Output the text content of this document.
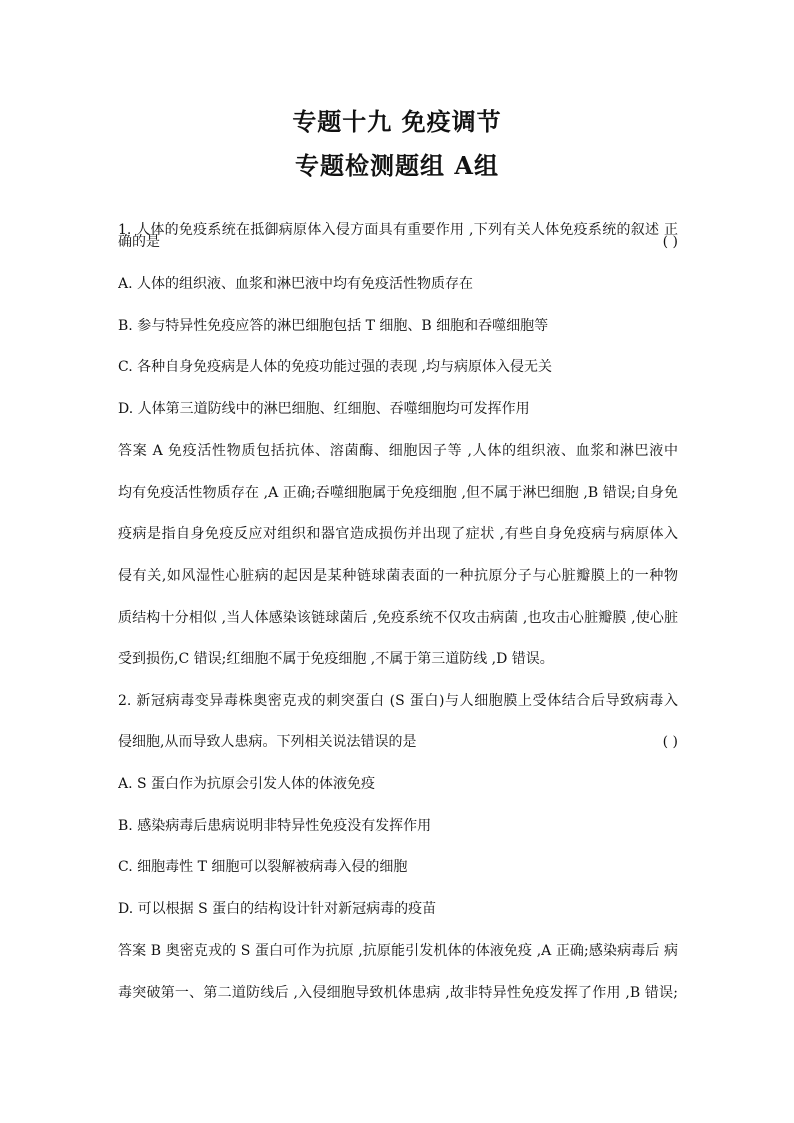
专题十九 免疫调节
专题检测题组 A组
1. 人体的免疫系统在抵御病原体入侵方面具有重要作用 ,下列有关人体免疫系统的叙述 正
确的是	( )
A. 人体的组织液、血浆和淋巴液中均有免疫活性物质存在
B. 参与特异性免疫应答的淋巴细胞包括 T 细胞、B 细胞和吞噬细胞等
C. 各种自身免疫病是人体的免疫功能过强的表现 ,均与病原体入侵无关
D. 人体第三道防线中的淋巴细胞、红细胞、吞噬细胞均可发挥作用
答案 A 免疫活性物质包括抗体、溶菌酶、细胞因子等 ,人体的组织液、血浆和淋巴液中
均有免疫活性物质存在 ,A 正确;吞噬细胞属于免疫细胞 ,但不属于淋巴细胞 ,B 错误;自身免
疫病是指自身免疫反应对组织和器官造成损伤并出现了症状 ,有些自身免疫病与病原体入
侵有关,如风湿性心脏病的起因是某种链球菌表面的一种抗原分子与心脏瓣膜上的一种物
质结构十分相似 ,当人体感染该链球菌后 ,免疫系统不仅攻击病菌 ,也攻击心脏瓣膜 ,使心脏
受到损伤,C 错误;红细胞不属于免疫细胞 ,不属于第三道防线 ,D 错误。
2. 新冠病毒变异毒株奥密克戎的刺突蛋白 (S 蛋白)与人细胞膜上受体结合后导致病毒入
侵细胞,从而导致人患病。下列相关说法错误的是	( )
A. S 蛋白作为抗原会引发人体的体液免疫
B. 感染病毒后患病说明非特异性免疫没有发挥作用
C. 细胞毒性 T 细胞可以裂解被病毒入侵的细胞
D. 可以根据 S 蛋白的结构设计针对新冠病毒的疫苗
答案 B 奥密克戎的 S 蛋白可作为抗原 ,抗原能引发机体的体液免疫 ,A 正确;感染病毒后 病
毒突破第一、第二道防线后 ,入侵细胞导致机体患病 ,故非特异性免疫发挥了作用 ,B 错误;
